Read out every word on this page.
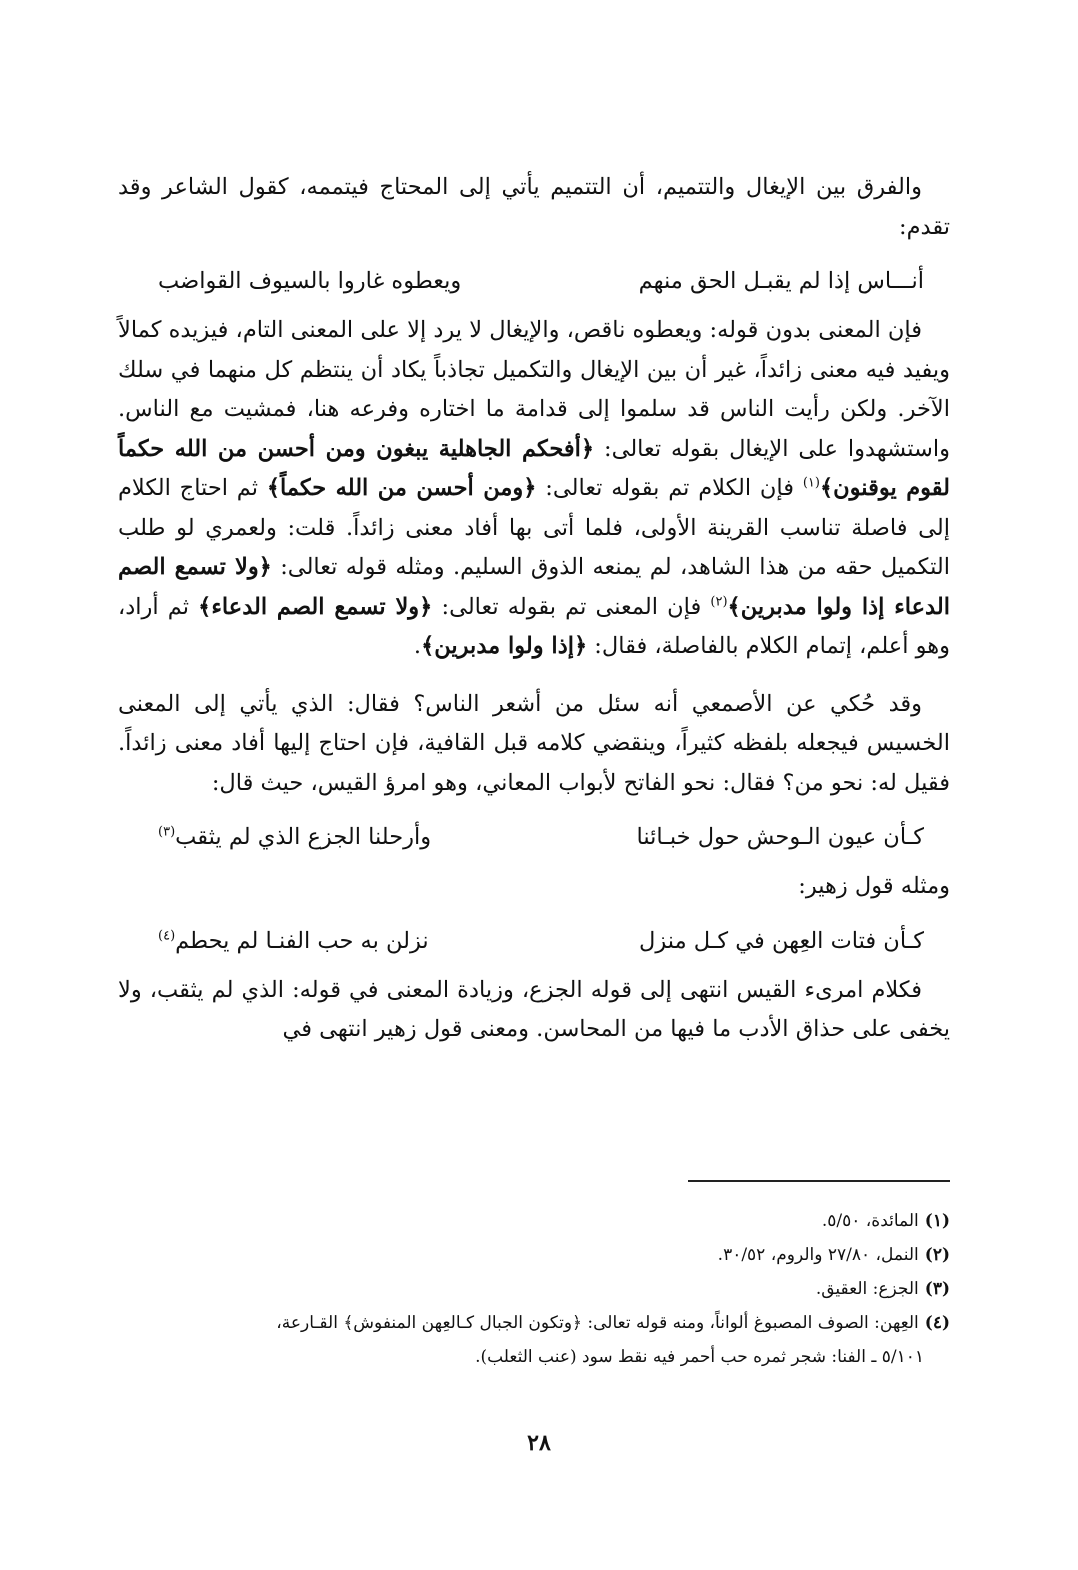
والفرق بين الإيغال والتتميم، أن التتميم يأتي إلى المحتاج فيتممه، كقول الشاعر وقد تقدم:

أنـــاس إذا لم يقبـل الحق منهم
ويعطوه غاروا بالسيوف القواضب

فإن المعنى بدون قوله: ويعطوه ناقص، والإيغال لا يرد إلا على المعنى التام، فيزيده كمالاً ويفيد فيه معنى زائداً، غير أن بين الإيغال والتكميل تجاذباً يكاد أن ينتظم كل منهما في سلك الآخر. ولكن رأيت الناس قد سلموا إلى قدامة ما اختاره وفرعه هنا، فمشيت مع الناس. واستشهدوا على الإيغال بقوله تعالى: ﴿أفحكم الجاهلية يبغون ومن أحسن من الله حكماً لقوم يوقنون﴾$^{(١)}$ فإن الكلام تم بقوله تعالى: ﴿ومن أحسن من الله حكماً﴾ ثم احتاج الكلام إلى فاصلة تناسب القرينة الأولى، فلما أتى بها أفاد معنى زائداً. قلت: ولعمري لو طلب التكميل حقه من هذا الشاهد، لم يمنعه الذوق السليم. ومثله قوله تعالى: ﴿ولا تسمع الصم الدعاء إذا ولوا مدبرين﴾$^{(٢)}$ فإن المعنى تم بقوله تعالى: ﴿ولا تسمع الصم الدعاء﴾ ثم أراد، وهو أعلم، إتمام الكلام بالفاصلة، فقال: ﴿إذا ولوا مدبرين﴾.

وقد حُكي عن الأصمعي أنه سئل من أشعر الناس؟ فقال: الذي يأتي إلى المعنى الخسيس فيجعله بلفظه كثيراً، وينقضي كلامه قبل القافية، فإن احتاج إليها أفاد معنى زائداً. فقيل له: نحو من؟ فقال: نحو الفاتح لأبواب المعاني، وهو امرؤ القيس، حيث قال:

كـأن عيون الـوحش حول خبـائنا
وأرحلنا الجزع الذي لم يثقب$^{(٣)}$

ومثله قول زهير:

كـأن فتات العِهن في كـل منزل
نزلن به حب الفنـا لم يحطم$^{(٤)}$

فكلام امرىء القيس انتهى إلى قوله الجزع، وزيادة المعنى في قوله: الذي لم يثقب، ولا يخفى على حذاق الأدب ما فيها من المحاسن. ومعنى قول زهير انتهى في

(١)المائدة، ٥/٥٠.

(٢)النمل، ٢٧/٨٠ والروم، ٣٠/٥٢.

(٣)الجزع: العقيق.

(٤)العِهن: الصوف المصبوغ ألواناً، ومنه قوله تعالى: ﴿وتكون الجبال كـالعِهن المنفوش﴾ القـارعة،

٥/١٠١ ـ الفنا: شجر ثمره حب أحمر فيه نقط سود (عنب الثعلب).

٢٨
